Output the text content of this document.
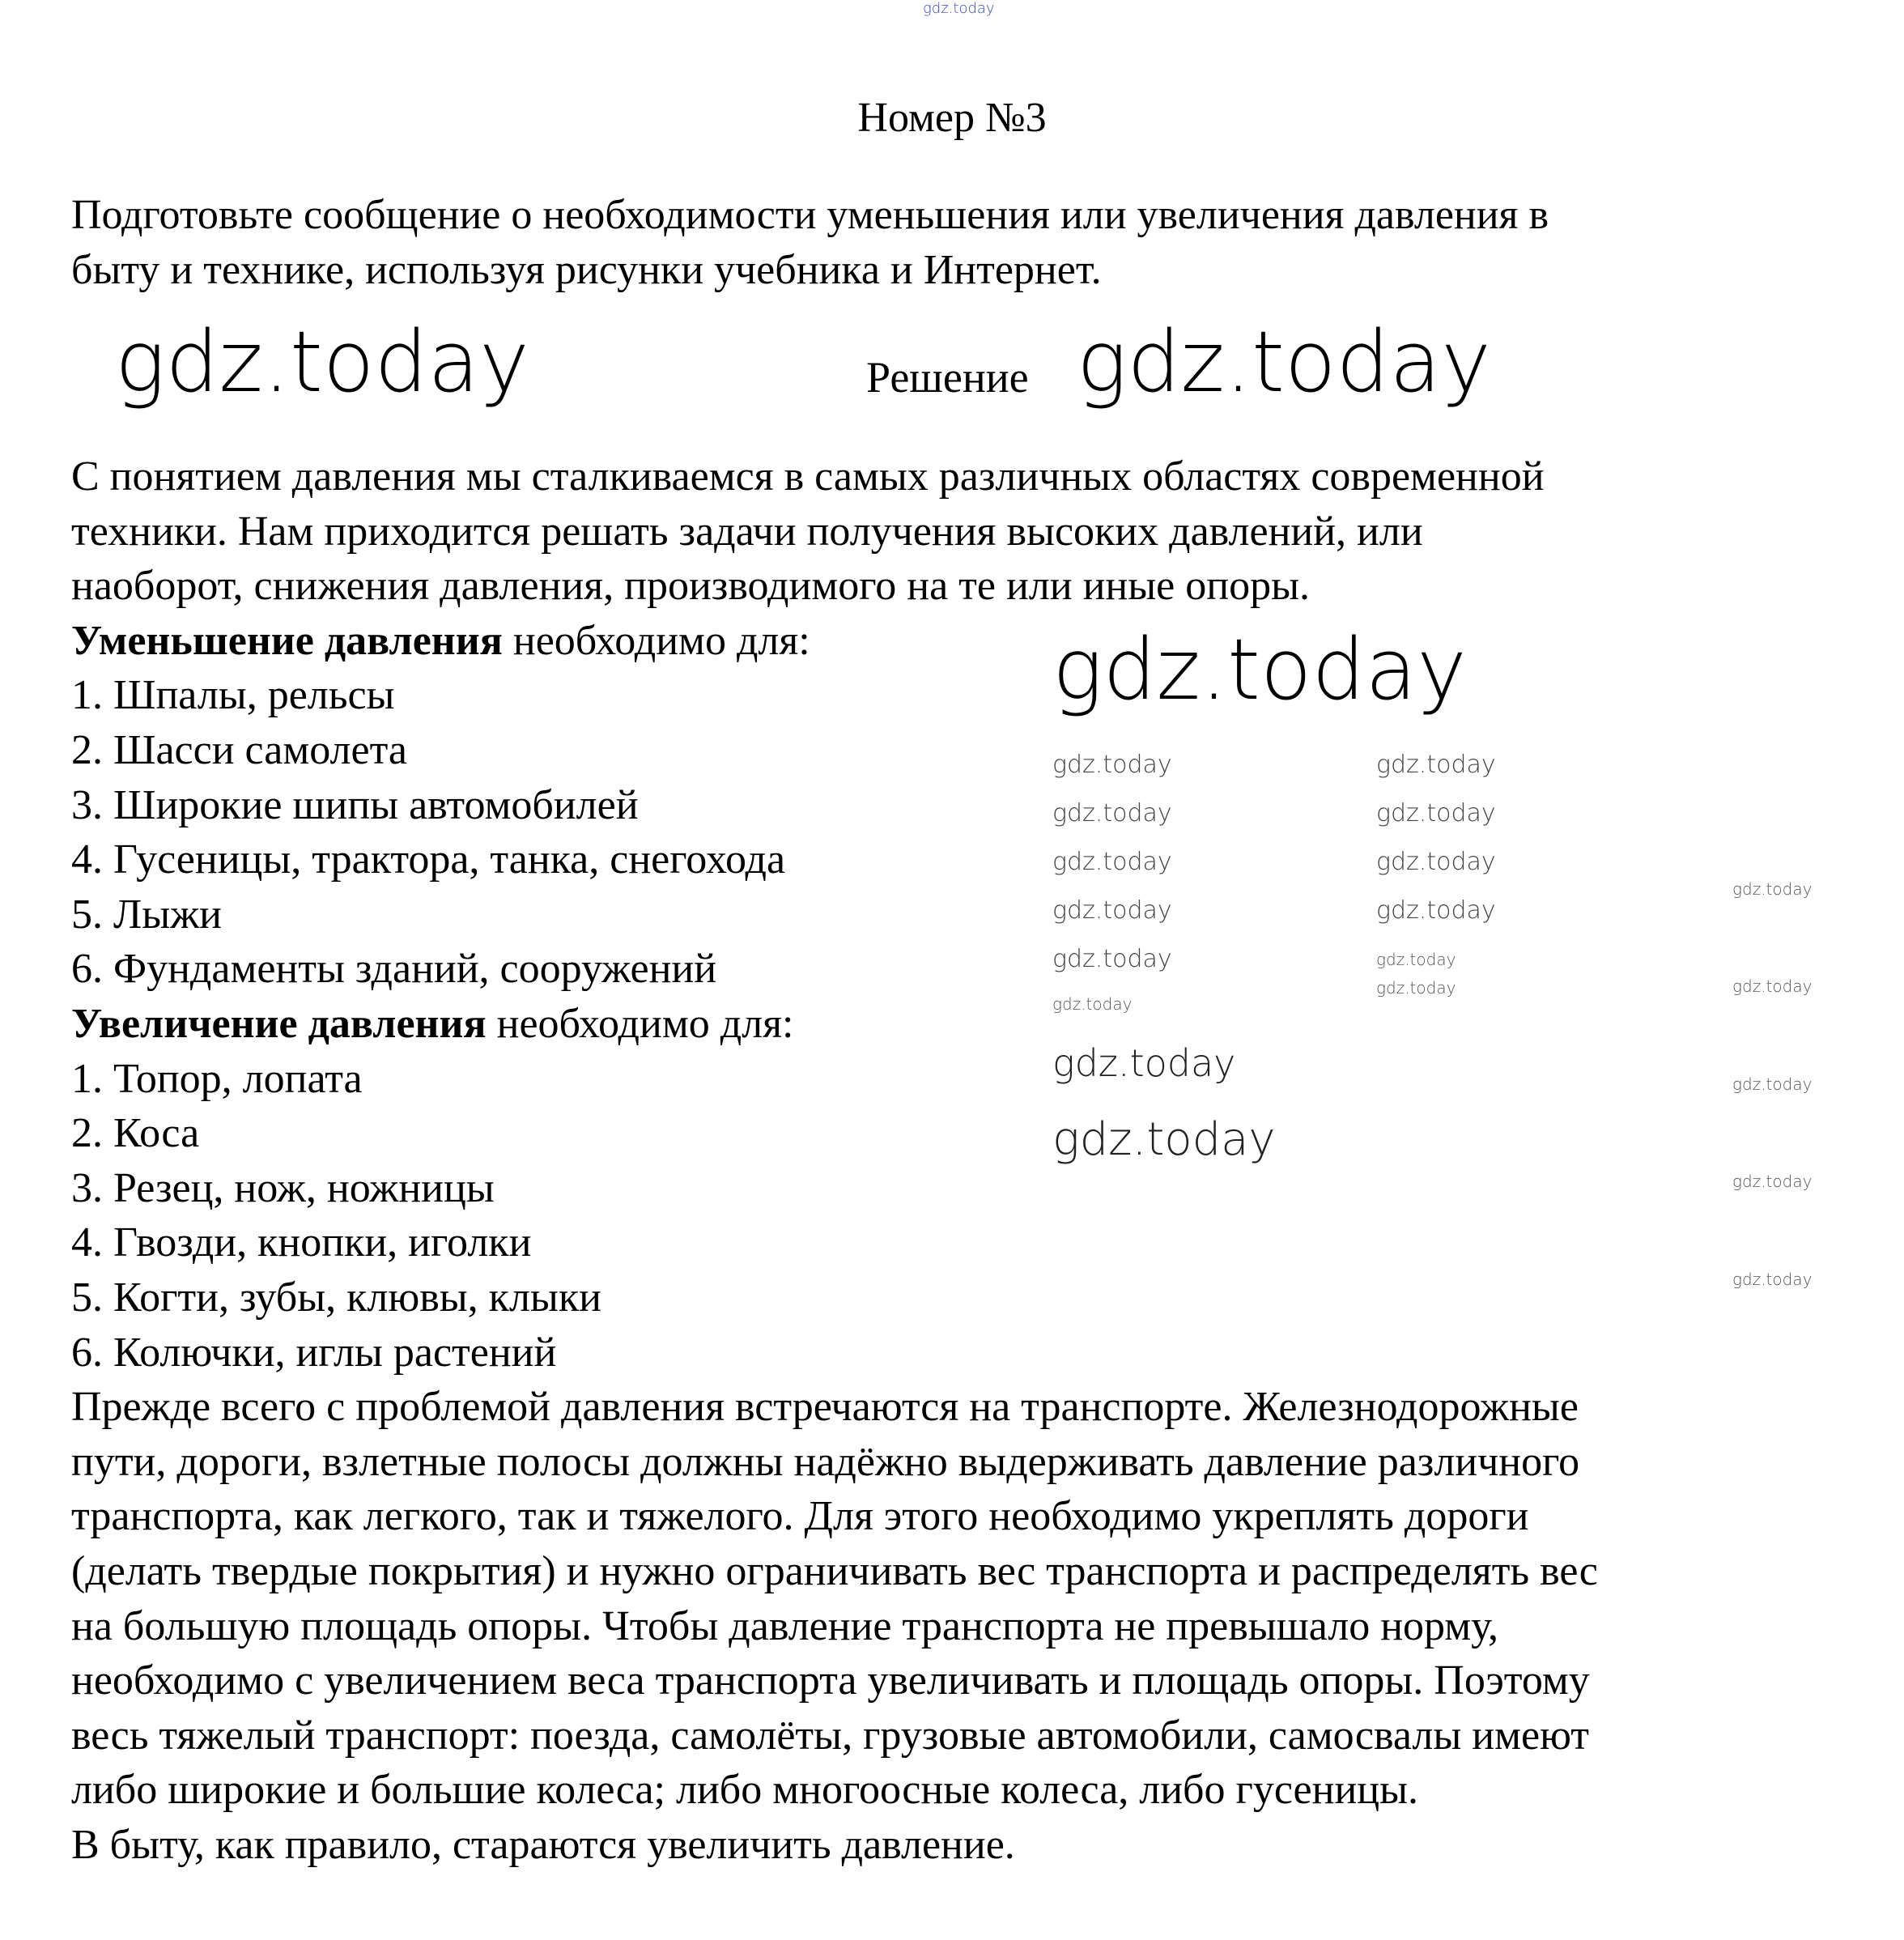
gdz.today
Номер №3
Подготовьте сообщение о необходимости уменьшения или увеличения давления в
быту и технике, используя рисунки учебника и Интернет.
gdz.today	Решение gdz.today
С понятием давления мы сталкиваемся в самых различных областях современной
техники. Нам приходится решать задачи получения высоких давлений, или
наоборот, снижения давления, производимого на те или иные опоры.
Уменьшение давления необходимо для:
1. Шпалы, рельсы
2. Шасси самолета
3. Широкие шипы автомобилей
4. Гусеницы, трактора, танка, снегохода
5. Лыжи
6. Фундаменты зданий, сооружений
Увеличение давления необходимо для:
1. Топор, лопата
2. Коса
3. Резец, нож, ножницы
4. Гвозди, кнопки, иголки
5. Когти, зубы, клювы, клыки
6. Колючки, иглы растений
Прежде всего с проблемой давления встречаются на транспорте. Железнодорожные
пути, дороги, взлетные полосы должны надёжно выдерживать давление различного
транспорта, как легкого, так и тяжелого. Для этого необходимо укреплять дороги
(делать твердые покрытия) и нужно ограничивать вес транспорта и распределять вес
на большую площадь опоры. Чтобы давление транспорта не превышало норму,
необходимо с увеличением веса транспорта увеличивать и площадь опоры. Поэтому
весь тяжелый транспорт: поезда, самолёты, грузовые автомобили, самосвалы имеют
либо широкие и большие колеса; либо многоосные колеса, либо гусеницы.
В быту, как правило, стараются увеличить давление.
gdz.today
gdz.today
gdz.today
gdz.today
gdz.today
gdz.today
gdz.today
gdz.today
gdz.today
gdz.today
gdz.today
gdz.today
gdz.today
gdz.today
gdz.today
gdz.today
gdz.today
gdz.today
gdz.today
gdz.today
